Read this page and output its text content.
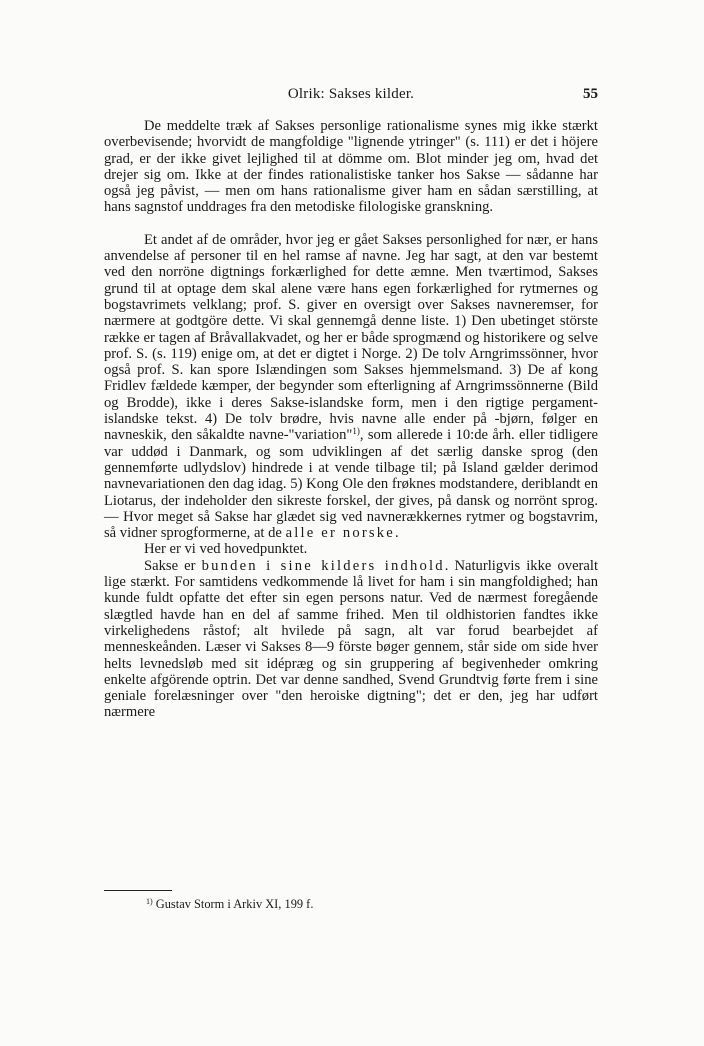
Olrik: Sakses kilder.	55

De meddelte træk af Sakses personlige rationalisme synes mig ikke stærkt overbevisende; hvorvidt de mangfoldige "lignende ytringer" (s. 111) er det i höjere grad, er der ikke givet lejlighed til at dömme om. Blot minder jeg om, hvad det drejer sig om. Ikke at der findes rationalistiske tanker hos Sakse — sådanne har også jeg påvist, — men om hans rationalisme giver ham en sådan særstilling, at hans sagnstof unddrages fra den metodiske filologiske granskning.

Et andet af de områder, hvor jeg er gået Sakses personlighed for nær, er hans anvendelse af personer til en hel ramse af navne. Jeg har sagt, at den var bestemt ved den norröne digtnings forkærlighed for dette æmne. Men tværtimod, Sakses grund til at optage dem skal alene være hans egen forkærlighed for rytmernes og bogstavrimets velklang; prof. S. giver en oversigt over Sakses navneremser, for nærmere at godtgöre dette. Vi skal gennemgå denne liste. 1) Den ubetinget störste række er tagen af Bråvallakvadet, og her er både sprogmænd og historikere og selve prof. S. (s. 119) enige om, at det er digtet i Norge. 2) De tolv Arngrimssönner, hvor også prof. S. kan spore Islændingen som Sakses hjemmelsmand. 3) De af kong Fridlev fældede kæmper, der begynder som efterligning af Arngrimssönnerne (Bild og Brodde), ikke i deres Sakse-islandske form, men i den rigtige pergament-islandske tekst. 4) De tolv brødre, hvis navne alle ender på -bjørn, følger en navneskik, den såkaldte navne-"variation"$^{1)}$, som allerede i 10:de årh. eller tidligere var uddød i Danmark, og som udviklingen af det særlig danske sprog (den gennemførte udlydslov) hindrede i at vende tilbage til; på Island gælder derimod navnevariationen den dag idag. 5) Kong Ole den frøknes modstandere, deriblandt en Liotarus, der indeholder den sikreste forskel, der gives, på dansk og norrönt sprog. — Hvor meget så Sakse har glædet sig ved navnerækkernes rytmer og bogstavrim, så vidner sprogformerne, at de alle er norske.

Her er vi ved hovedpunktet.

Sakse er bunden i sine kilders indhold. Naturligvis ikke overalt lige stærkt. For samtidens vedkommende lå livet for ham i sin mangfoldighed; han kunde fuldt opfatte det efter sin egen persons natur. Ved de nærmest foregående slægtled havde han en del af samme frihed. Men til oldhistorien fandtes ikke virkelighedens råstof; alt hvilede på sagn, alt var forud bearbejdet af menneskeånden. Læser vi Sakses 8—9 förste bøger gennem, står side om side hver helts levnedsløb med sit idépræg og sin gruppering af begivenheder omkring enkelte afgörende optrin. Det var denne sandhed, Svend Grundtvig førte frem i sine geniale forelæsninger over "den heroiske digtning"; det er den, jeg har udført nærmere

$^{1)}$ Gustav Storm i Arkiv XI, 199 f.
